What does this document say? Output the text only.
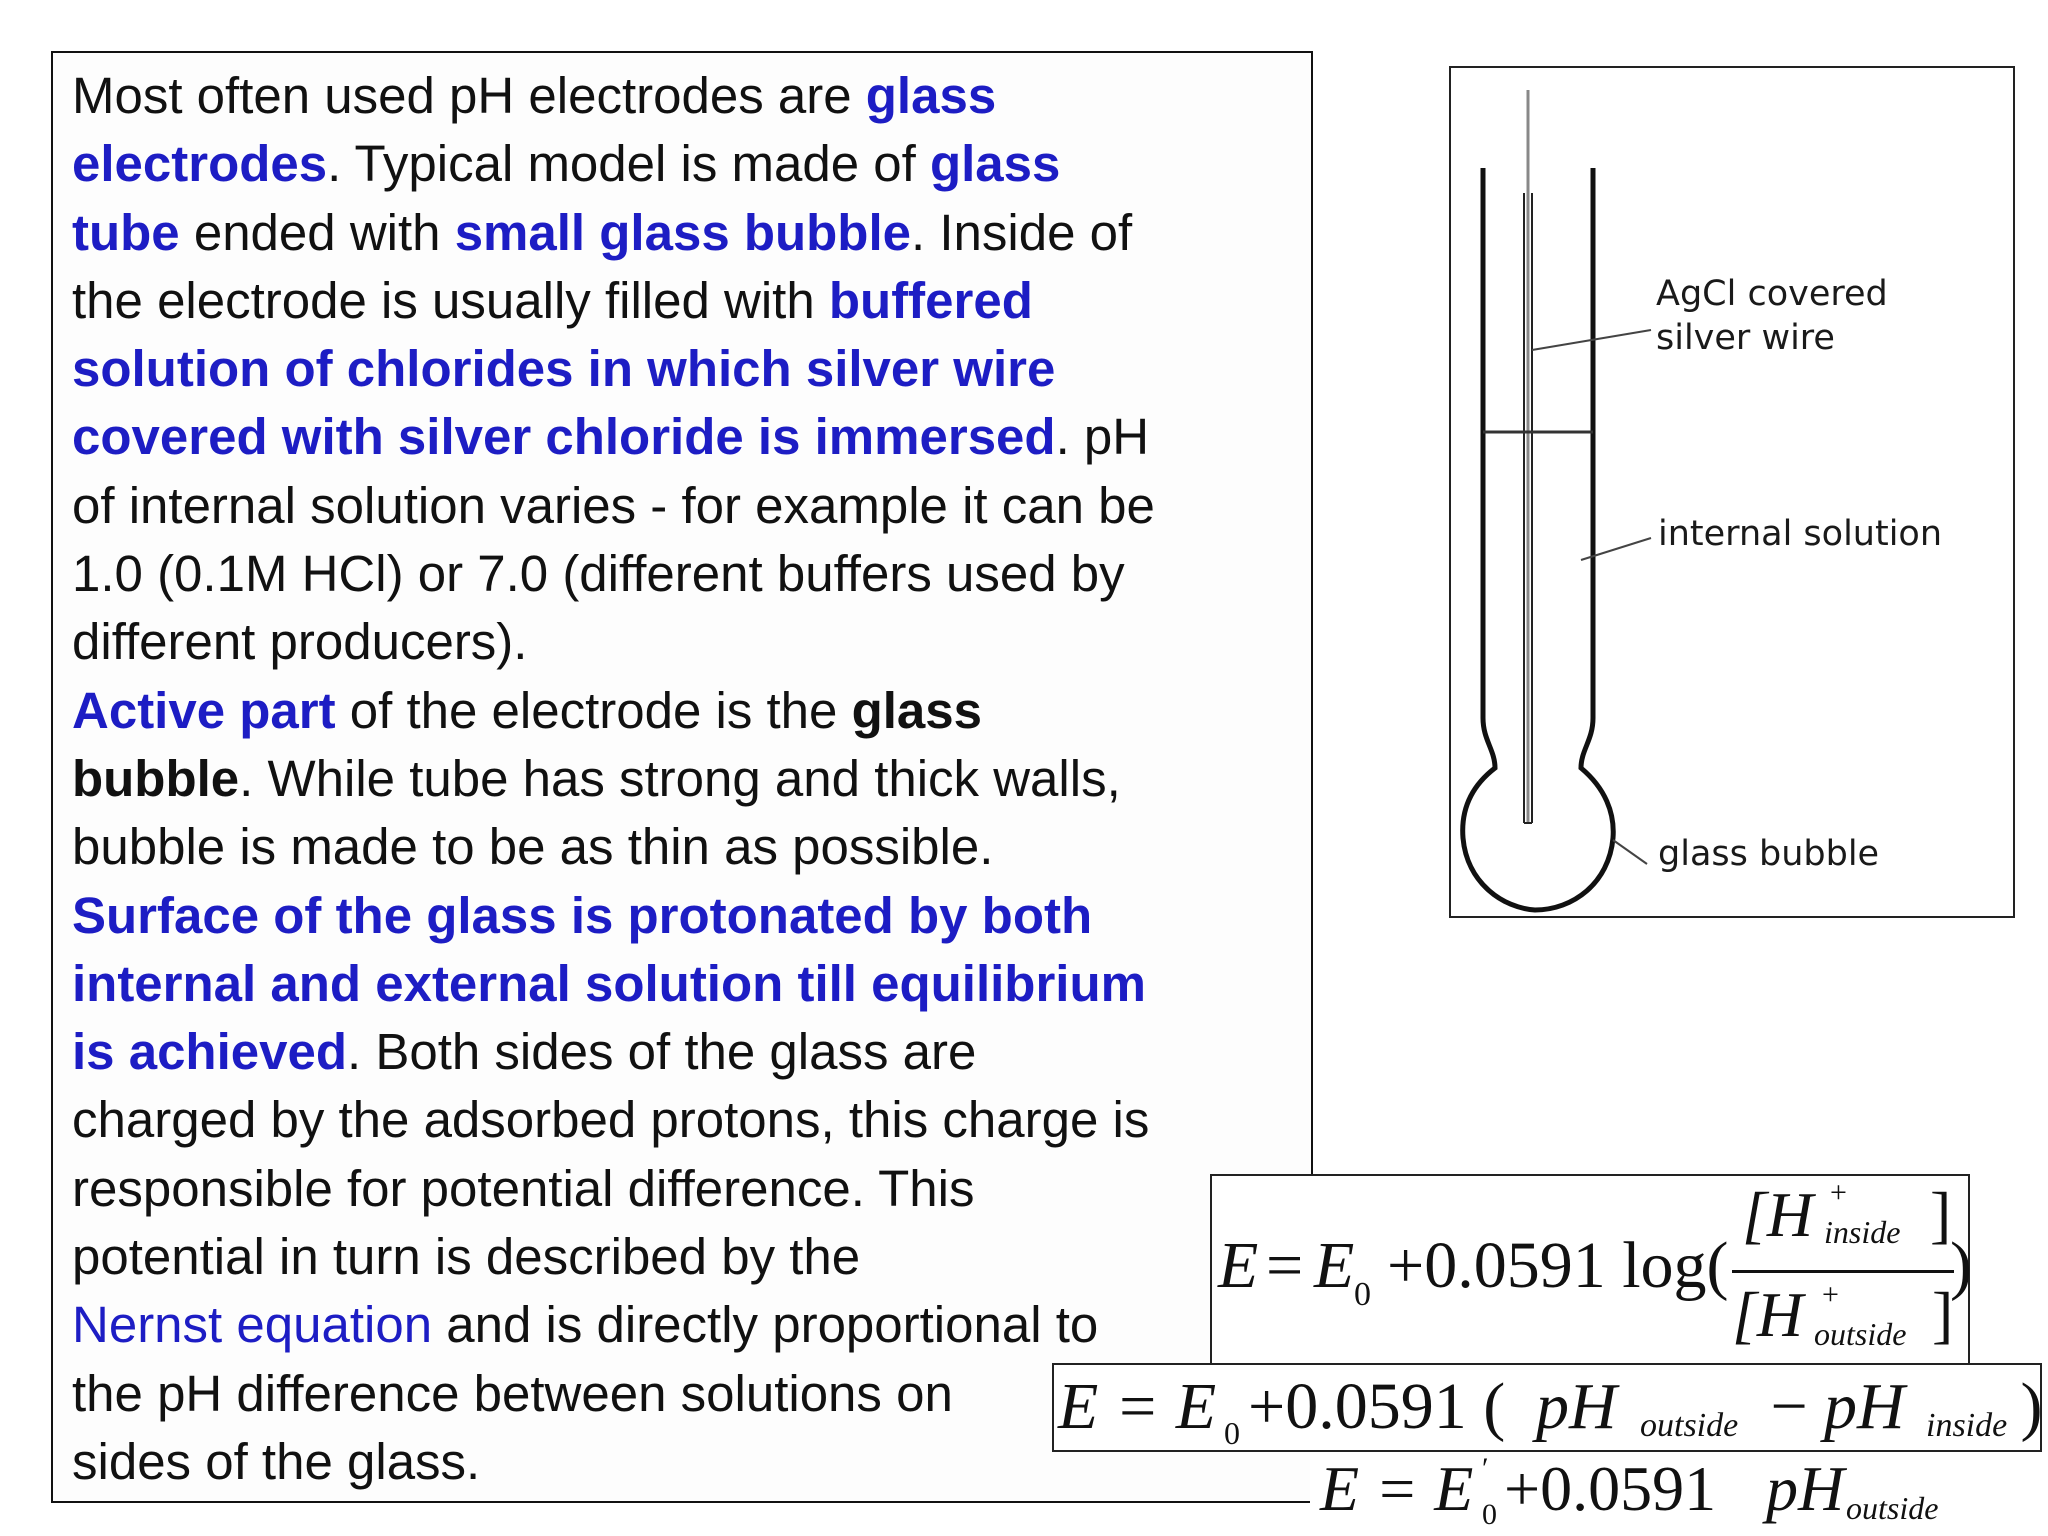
Most often used pH electrodes are glass
electrodes. Typical model is made of glass
tube ended with small glass bubble. Inside of
the electrode is usually filled with buffered
solution of chlorides in which silver wire
covered with silver chloride is immersed. pH
of internal solution varies - for example it can be
1.0 (0.1M HCl) or 7.0 (different buffers used by
different producers).
Active part of the electrode is the glass
bubble. While tube has strong and thick walls,
bubble is made to be as thin as possible.
Surface of the glass is protonated by both
internal and external solution till equilibrium
is achieved. Both sides of the glass are
charged by the adsorbed protons, this charge is
responsible for potential difference. This
potential in turn is described by the
Nernst equation and is directly proportional to
the pH difference between solutions on
sides of the glass.
AgCl covered
silver wire
internal solution
glass bubble
E = E 0 +0.0591 log(
[H +
inside ]
[H +
outside ]
)
E = E 0 +0.0591 ( pH outside − pH inside
)
E = E ′
0 +0.0591 pH outside
